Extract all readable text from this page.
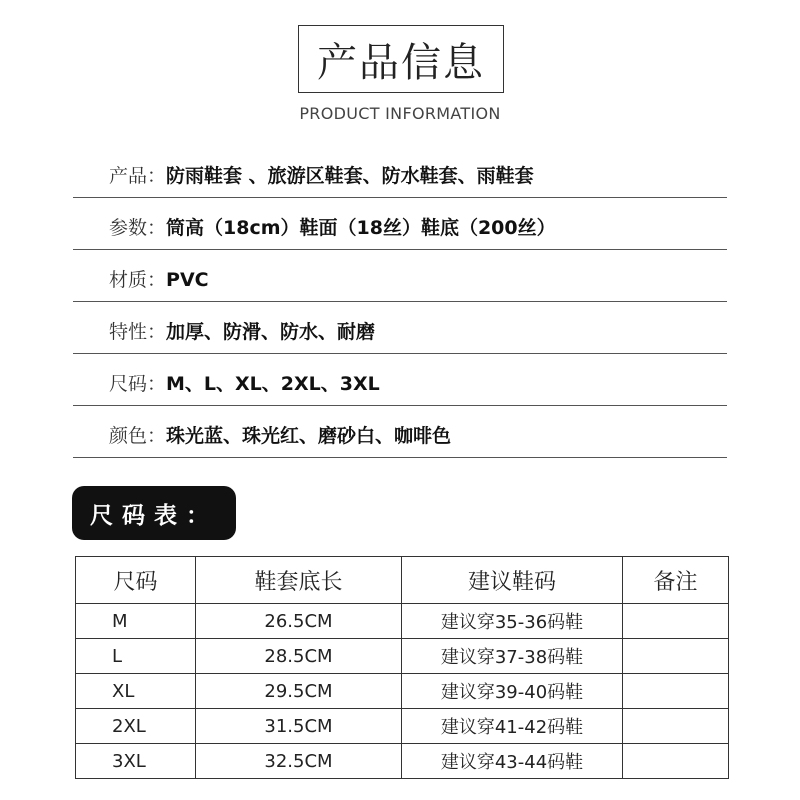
产品信息
PRODUCT INFORMATION
产品：防雨鞋套 、旅游区鞋套、防水鞋套、雨鞋套
参数：筒高（18cm）鞋面（18丝）鞋底（200丝）
材质：PVC
特性：加厚、防滑、防水、耐磨
尺码：M、L、XL、2XL、3XL
颜色：珠光蓝、珠光红、磨砂白、咖啡色
尺码表：
尺码	鞋套底长	建议鞋码	备注
M	26.5CM	建议穿35-36码鞋	
L	28.5CM	建议穿37-38码鞋	
XL	29.5CM	建议穿39-40码鞋	
2XL	31.5CM	建议穿41-42码鞋	
3XL	32.5CM	建议穿43-44码鞋	
